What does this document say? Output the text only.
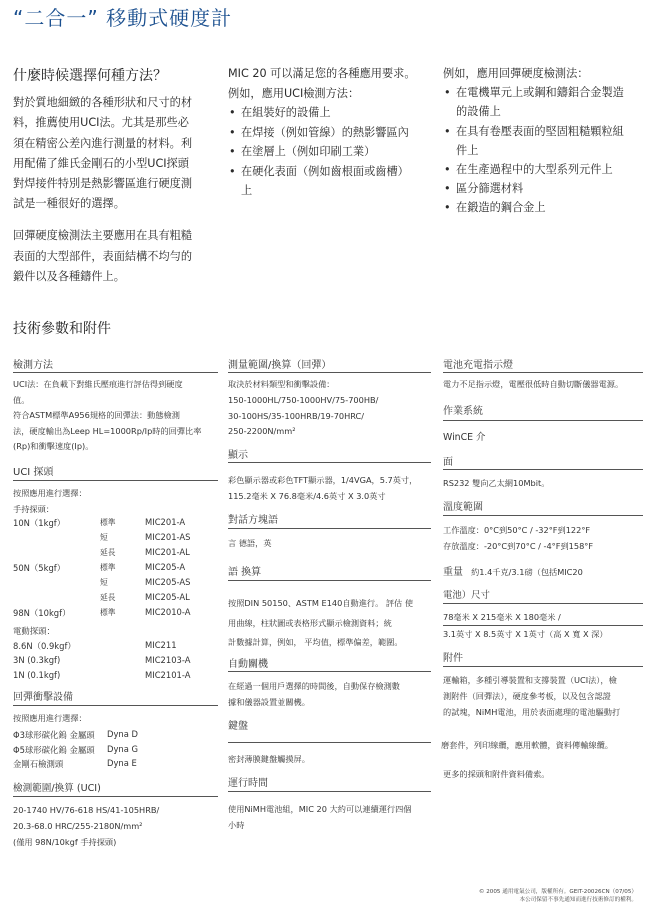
“二合一” 移動式硬度計
什麼時候選擇何種方法？
對於質地細緻的各種形狀和尺寸的材
料，推薦使用UCI法。尤其是那些必
須在精密公差內進行測量的材料。利
用配備了維氏金剛石的小型UCI探頭
對焊接件特別是熱影響區進行硬度測
試是一種很好的選擇。
回彈硬度檢測法主要應用在具有粗糙
表面的大型部件，表面結構不均勻的
鍛件以及各種鑄件上。
MIC 20 可以滿足您的各種應用要求。
例如，應用UCI檢測方法：
• 在組裝好的設備上
• 在焊接（例如管線）的熱影響區內
• 在塗層上（例如印刷工業）
• 在硬化表面（例如齒根面或齒槽）
上
例如，應用回彈硬度檢測法：
• 在電機單元上或鋼和鑄鋁合金製造
的設備上
• 在具有卷壓表面的堅固粗糙顆粒組
件上
• 在生產過程中的大型系列元件上
• 區分篩選材料
• 在鍛造的鋼合金上
技術參數和附件
檢測方法
UCI法：在負載下對維氏壓痕進行評估得到硬度
值。
符合ASTM標準A956規格的回彈法：動態檢測
法，硬度輸出為Leep HL=1000Rp/Ip時的回彈比率
(Rp)和衝擊速度(Ip)。
UCI 探頭
按照應用進行選擇：
手持探頭：
10N（1kgf）	標準	MIC201-A
短	MIC201-AS
延長	MIC201-AL
50N（5kgf）	標準	MIC205-A
短	MIC205-AS
延長	MIC205-AL
98N（10kgf）	標準	MIC2010-A
電動探頭：
8.6N（0.9kgf）	MIC211
3N (0.3kgf)	MIC2103-A
1N (0.1kgf)	MIC2101-A
回彈衝擊設備
按照應用進行選擇：
Φ3球形碳化鎢 金屬頭 Dyna D
Φ5球形碳化鎢 金屬頭 Dyna G
金剛石檢測頭	Dyna E
檢測範圍/換算 (UCI)
20-1740 HV/76-618 HS/41-105HRB/
20.3-68.0 HRC/255-2180N/mm²
(僅用 98N/10kgf 手持探頭)
測量範圍/換算（回彈）
取決於材料類型和衝擊設備：
150-1000HL/750-1000HV/75-700HB/
30-100HS/35-100HRB/19-70HRC/
250-2200N/mm²
顯示
彩色顯示器或彩色TFT顯示器，1/4VGA，5.7英寸，
115.2毫米 X 76.8毫米/4.6英寸 X 3.0英寸
對話方塊語
言 德語，英
語 換算
按照DIN 50150、ASTM E140自動進行。 評估 使
用曲線，柱狀圖或表格形式顯示檢測資料；統
計數據計算，例如， 平均值，標準偏差，範圍。
自動關機
在經過一個用戶選擇的時間後，自動保存檢測數
據和儀器設置並關機。
鍵盤
密封薄膜鍵盤觸摸屏。
運行時間
使用NiMH電池組，MIC 20 大約可以連續運行四個
小時
電池充電指示燈
電力不足指示燈，電壓很低時自動切斷儀器電源。
作業系統
WinCE 介
面
RS232 雙向乙太網10Mbit。
溫度範圍
工作溫度：0°C到50°C / -32°F到122°F
存放溫度：-20°C到70°C / -4°F到158°F
重量 約1.4千克/3.1磅（包括MIC20
電池）尺寸
78毫米 X 215毫米 X 180毫米 /
3.1英寸 X 8.5英寸 X 1英寸（高 X 寬 X 深）
附件
運輸箱，多種引導裝置和支撐裝置（UCI法），檢
測附件（回彈法），硬度參考板，以及包含認證
的試塊，NiMH電池，用於表面處理的電池驅動打
磨套件，列印線纜，應用軟體，資料傳輸線纜。
更多的採頭和附件資料備索。
© 2005 通用電氣公司，版權所有。GEIT-20026CN（07/05）
本公司保留不事先通知而進行技術修訂的權利。
